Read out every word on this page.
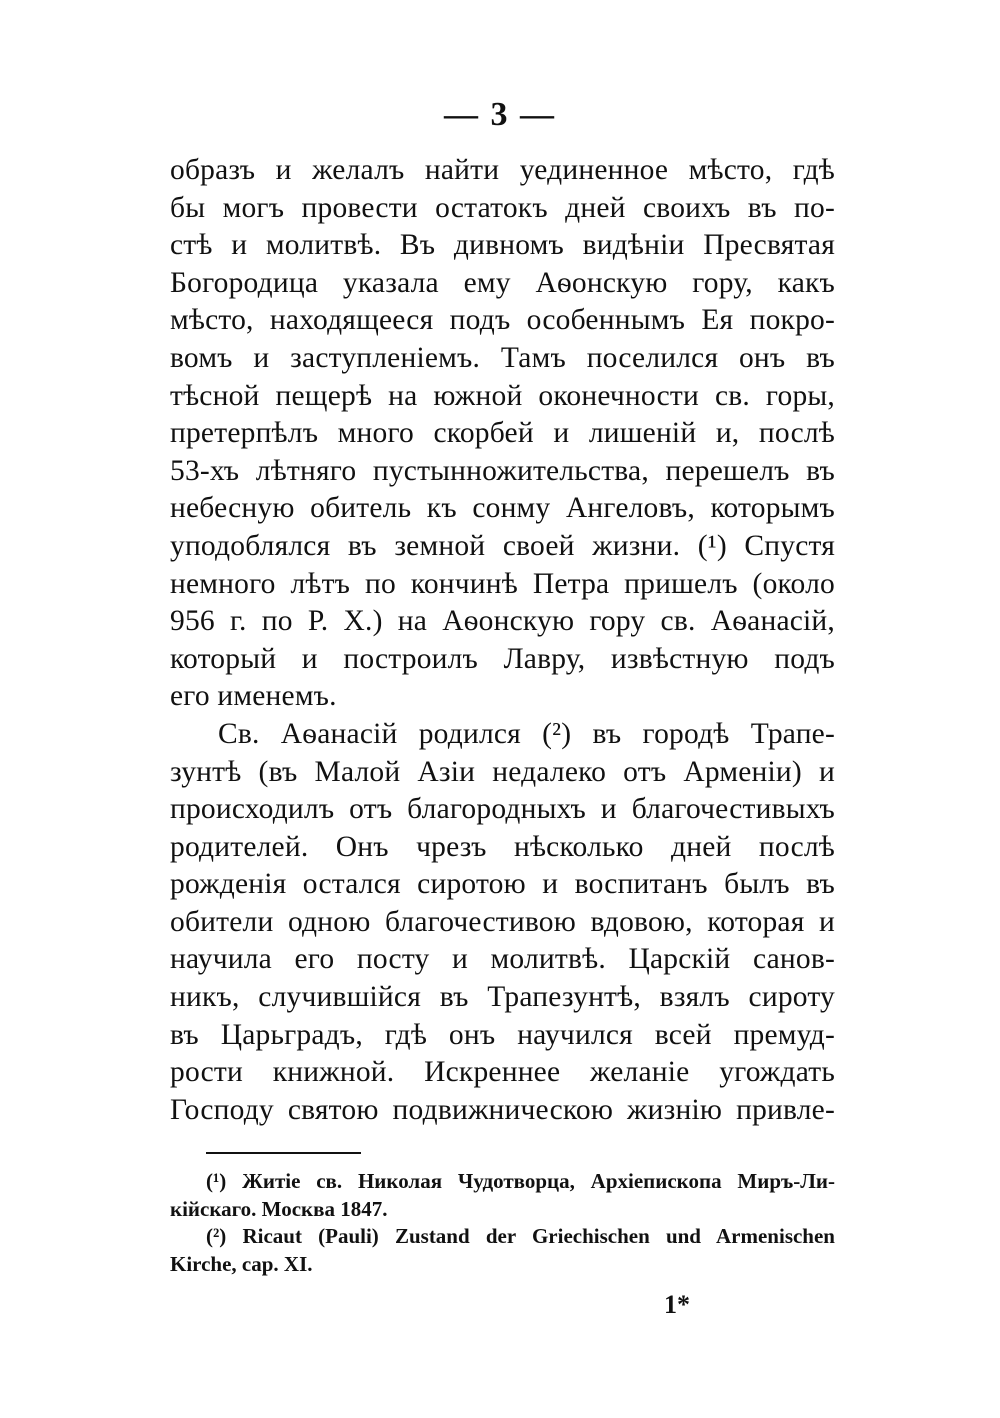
— 3 —
образъ и желалъ найти уединенное мѣсто, гдѣ
бы могъ провести остатокъ дней своихъ въ по-
стѣ и молитвѣ. Въ дивномъ видѣніи Пресвятая
Богородица указала ему Аѳонскую гору, какъ
мѣсто, находящееся подъ особеннымъ Ея покро-
вомъ и заступленіемъ. Тамъ поселился онъ въ
тѣсной пещерѣ на южной оконечности св. горы,
претерпѣлъ много скорбей и лишеній и, послѣ
53-хъ лѣтняго пустынножительства, перешелъ въ
небесную обитель къ сонму Ангеловъ, которымъ
уподоблялся въ земной своей жизни. (¹) Спустя
немного лѣтъ по кончинѣ Петра пришелъ (около
956 г. по Р. Х.) на Аѳонскую гору св. Аѳанасій,
который и построилъ Лавру, извѣстную подъ
его именемъ.
Св. Аѳанасій родился (²) въ городѣ Трапе-
зунтѣ (въ Малой Азіи недалеко отъ Арменіи) и
происходилъ отъ благородныхъ и благочестивыхъ
родителей. Онъ чрезъ нѣсколько дней послѣ
рожденія остался сиротою и воспитанъ былъ въ
обители одною благочестивою вдовою, которая и
научила его посту и молитвѣ. Царскій санов-
никъ, случившійся въ Трапезунтѣ, взялъ сироту
въ Царьградъ, гдѣ онъ научился всей премуд-
рости книжной. Искреннее желаніе угождать
Господу святою подвижническою жизнію привле-
(¹) Житіе св. Николая Чудотворца, Архіепископа Миръ-Ли-
кійскаго. Москва 1847.
(²) Ricaut (Pauli) Zustand der Griechischen und Armenischen
Kirche, cap. XI.
1*
